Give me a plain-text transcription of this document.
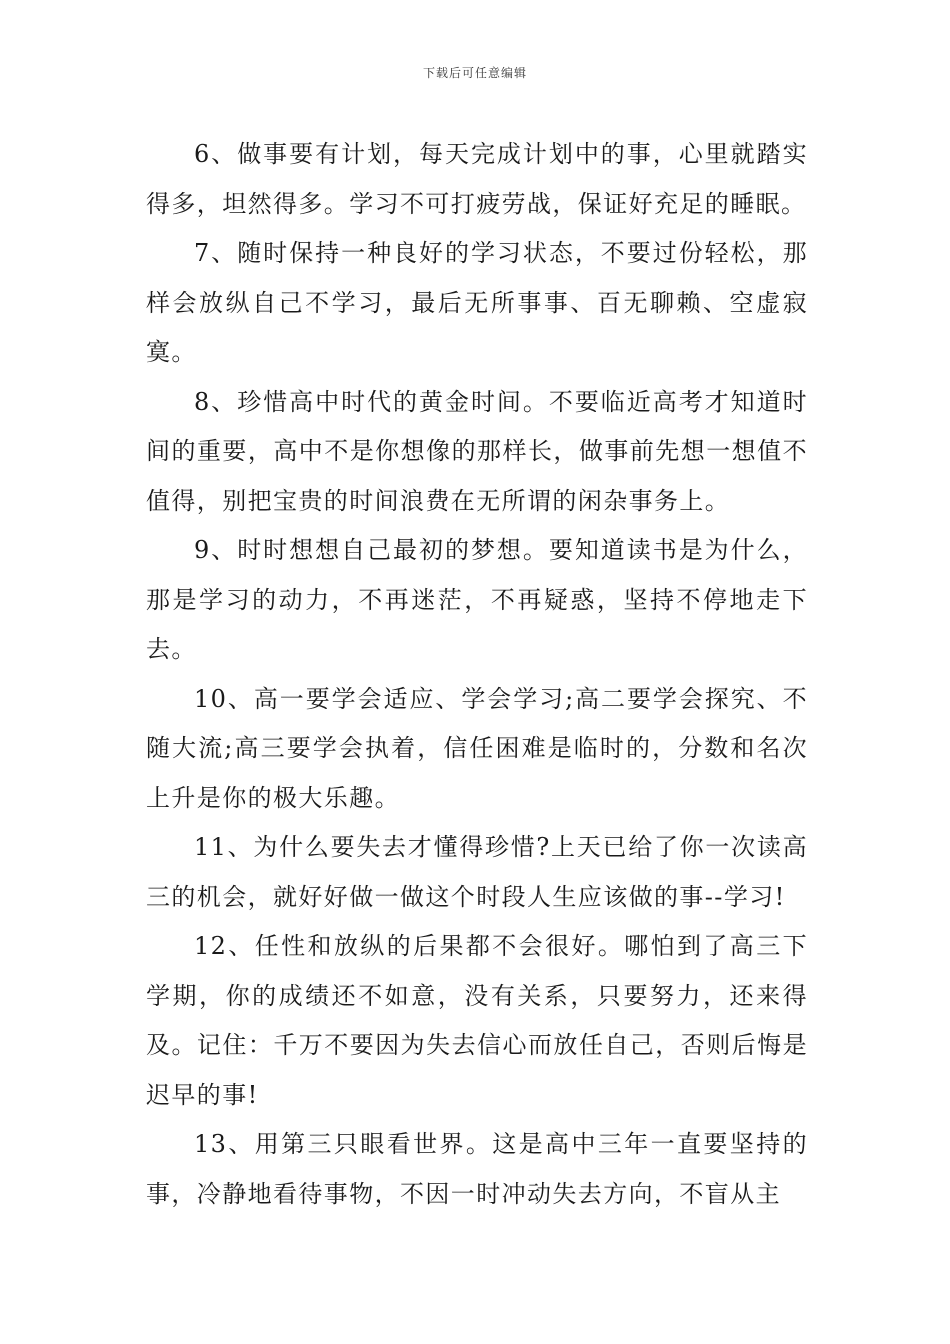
下载后可任意编辑

6、做事要有计划，每天完成计划中的事，心里就踏实得多，坦然得多。学习不可打疲劳战，保证好充足的睡眠。

7、随时保持一种良好的学习状态，不要过份轻松，那样会放纵自己不学习，最后无所事事、百无聊赖、空虚寂寞。

8、珍惜高中时代的黄金时间。不要临近高考才知道时间的重要，高中不是你想像的那样长，做事前先想一想值不值得，别把宝贵的时间浪费在无所谓的闲杂事务上。

9、时时想想自己最初的梦想。要知道读书是为什么，那是学习的动力，不再迷茫，不再疑惑，坚持不停地走下去。

10、高一要学会适应、学会学习;高二要学会探究、不随大流;高三要学会执着，信任困难是临时的，分数和名次上升是你的极大乐趣。

11、为什么要失去才懂得珍惜?上天已给了你一次读高三的机会，就好好做一做这个时段人生应该做的事--学习!

12、任性和放纵的后果都不会很好。哪怕到了高三下学期，你的成绩还不如意，没有关系，只要努力，还来得及。记住：千万不要因为失去信心而放任自己，否则后悔是迟早的事!

13、用第三只眼看世界。这是高中三年一直要坚持的事，冷静地看待事物，不因一时冲动失去方向，不盲从主
